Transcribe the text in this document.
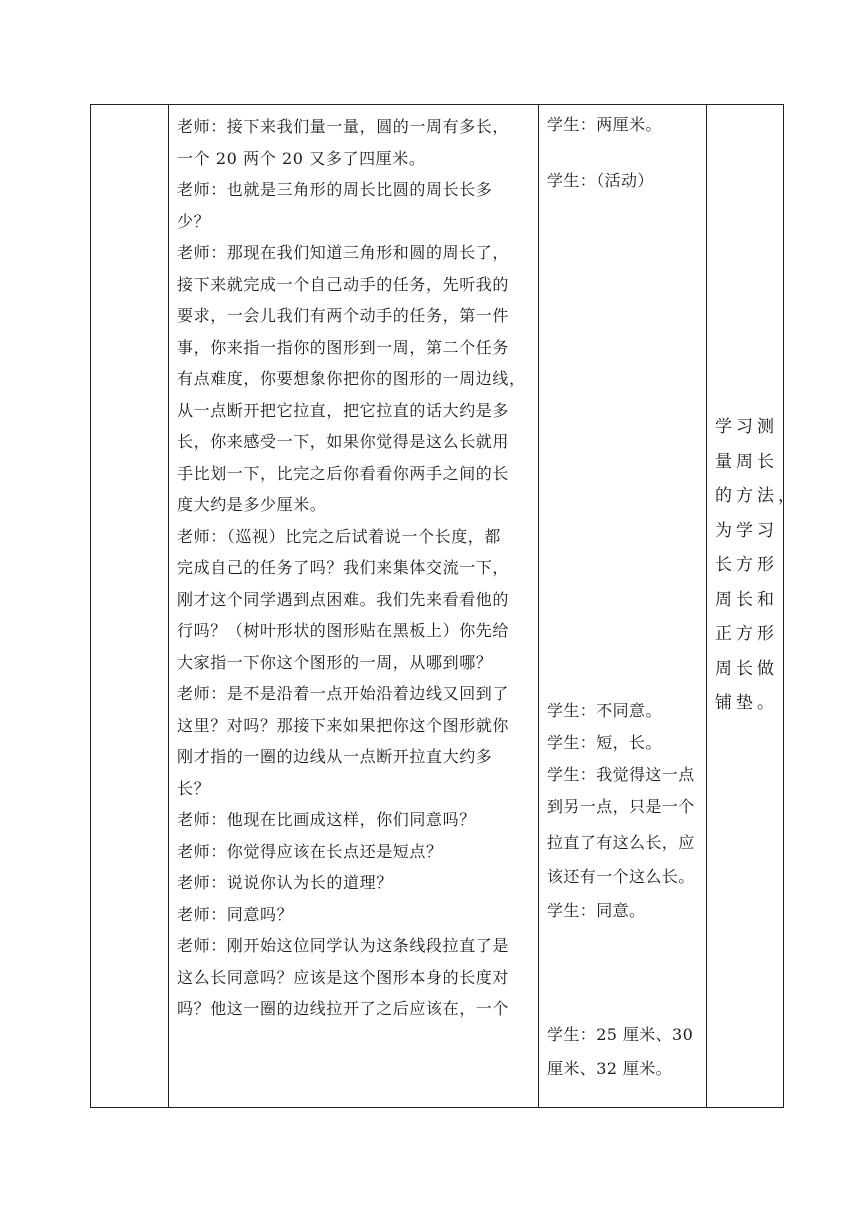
老师：接下来我们量一量，圆的一周有多长，
一个 20 两个 20 又多了四厘米。
老师：也就是三角形的周长比圆的周长长多
少？
老师：那现在我们知道三角形和圆的周长了，
接下来就完成一个自己动手的任务，先听我的
要求，一会儿我们有两个动手的任务，第一件
事，你来指一指你的图形到一周，第二个任务
有点难度，你要想象你把你的图形的一周边线，
从一点断开把它拉直，把它拉直的话大约是多
长，你来感受一下，如果你觉得是这么长就用
手比划一下，比完之后你看看你两手之间的长
度大约是多少厘米。
老师：（巡视）比完之后试着说一个长度，都
完成自己的任务了吗？我们来集体交流一下，
刚才这个同学遇到点困难。我们先来看看他的
行吗？（树叶形状的图形贴在黑板上）你先给
大家指一下你这个图形的一周，从哪到哪？
老师：是不是沿着一点开始沿着边线又回到了
这里？对吗？那接下来如果把你这个图形就你
刚才指的一圈的边线从一点断开拉直大约多
长？
老师：他现在比画成这样，你们同意吗？
老师：你觉得应该在长点还是短点？
老师：说说你认为长的道理？
老师：同意吗？
老师：刚开始这位同学认为这条线段拉直了是
这么长同意吗？应该是这个图形本身的长度对
吗？他这一圈的边线拉开了之后应该在，一个
学生：两厘米。
学生：（活动）
学生：不同意。
学生：短，长。
学生：我觉得这一点
到另一点，只是一个
拉直了有这么长，应
该还有一个这么长。
学生：同意。
学生：25 厘米、30
厘米、32 厘米。
学习测
量周长
的方法，
为学习
长方形
周长和
正方形
周长做
铺垫。
